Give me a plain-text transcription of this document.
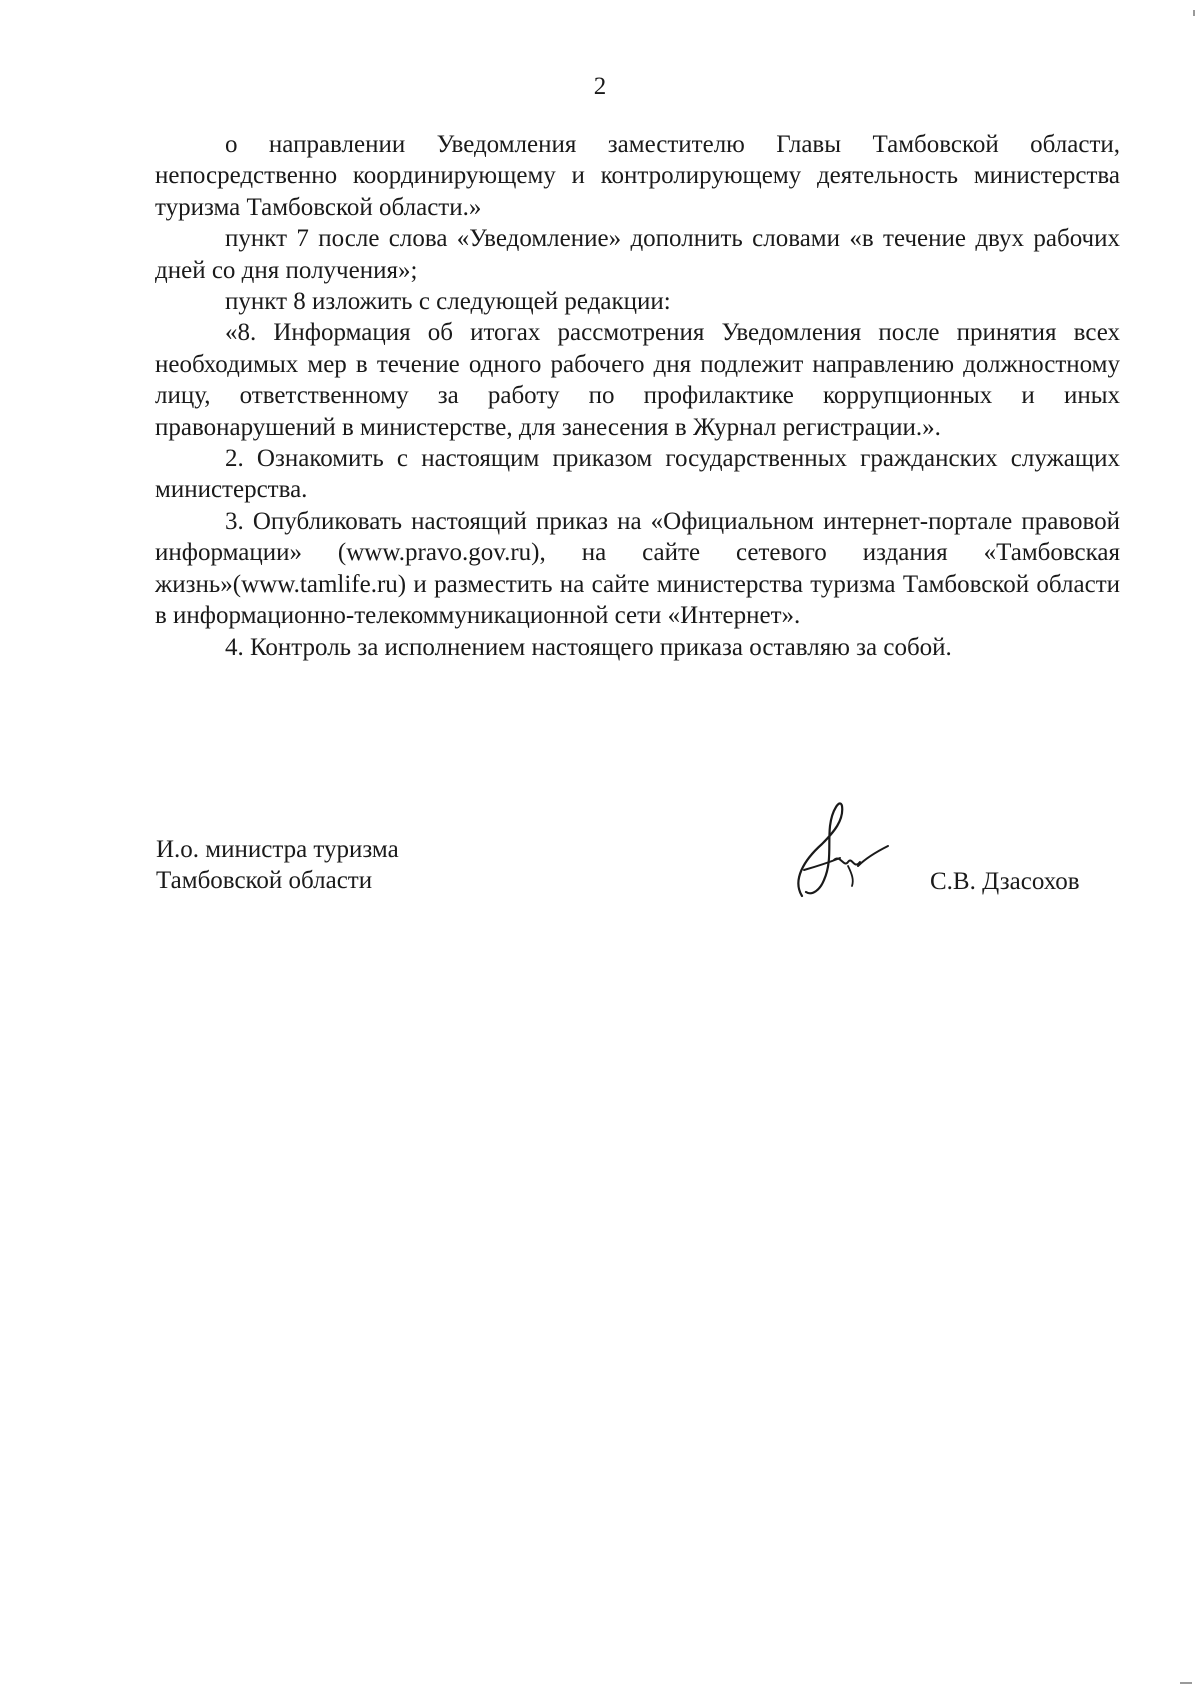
2

о направлении Уведомления заместителю Главы Тамбовской области, непосредственно координирующему и контролирующему деятельность министерства туризма Тамбовской области.»

пункт 7 после слова «Уведомление» дополнить словами «в течение двух рабочих дней со дня получения»;

пункт 8 изложить с следующей редакции:

«8. Информация об итогах рассмотрения Уведомления после принятия всех необходимых мер в течение одного рабочего дня подлежит направлению должностному лицу, ответственному за работу по профилактике коррупционных и иных правонарушений в министерстве, для занесения в Журнал регистрации.».

2. Ознакомить с настоящим приказом государственных гражданских служащих министерства.

3. Опубликовать настоящий приказ на «Официальном интернет-портале правовой информации» (www.pravo.gov.ru), на сайте сетевого издания «Тамбовская жизнь»(www.tamlife.ru) и разместить на сайте министерства туризма Тамбовской области в информационно-телекоммуникационной сети «Интернет».

4. Контроль за исполнением настоящего приказа оставляю за собой.

И.о. министра туризма
Тамбовской области	С.В. Дзасохов
